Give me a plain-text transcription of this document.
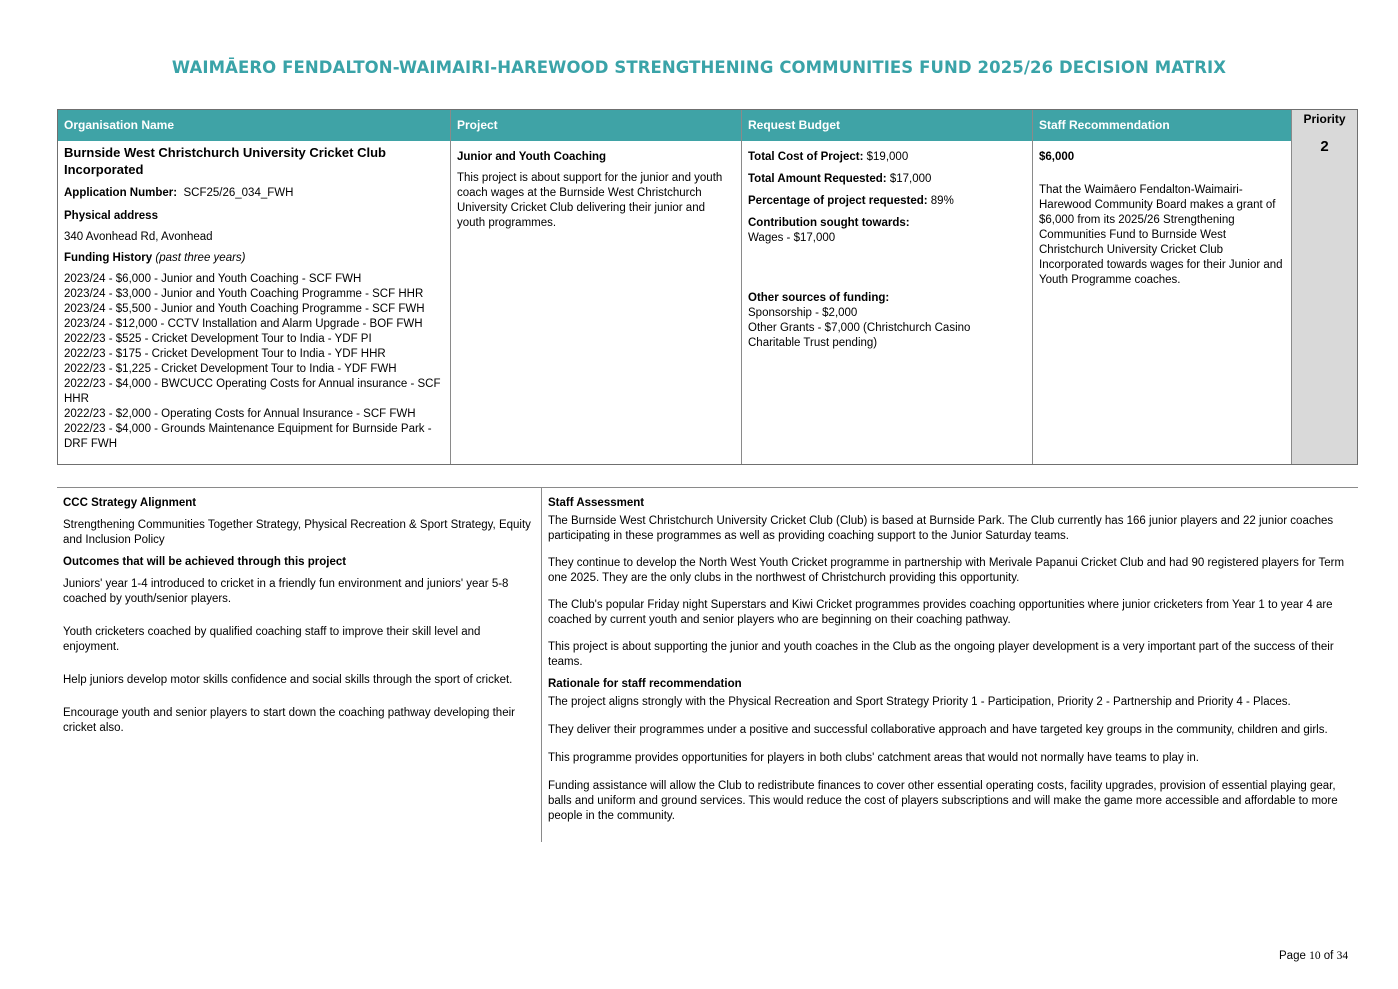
WAIMĀERO FENDALTON-WAIMAIRI-HAREWOOD STRENGTHENING COMMUNITIES FUND 2025/26 DECISION MATRIX
Organisation Name
Burnside West Christchurch University Cricket Club Incorporated
Application Number: SCF25/26_034_FWH
Physical address
340 Avonhead Rd, Avonhead
Funding History (past three years)
2023/24 - $6,000 - Junior and Youth Coaching - SCF FWH
2023/24 - $3,000 - Junior and Youth Coaching Programme - SCF HHR
2023/24 - $5,500 - Junior and Youth Coaching Programme - SCF FWH
2023/24 - $12,000 - CCTV Installation and Alarm Upgrade - BOF FWH
2022/23 - $525 - Cricket Development Tour to India - YDF PI
2022/23 - $175 - Cricket Development Tour to India - YDF HHR
2022/23 - $1,225 - Cricket Development Tour to India - YDF FWH
2022/23 - $4,000 - BWCUCC Operating Costs for Annual insurance - SCF HHR
2022/23 - $2,000 - Operating Costs for Annual Insurance - SCF FWH
2022/23 - $4,000 - Grounds Maintenance Equipment for Burnside Park - DRF FWH
Project
Junior and Youth Coaching
This project is about support for the junior and youth coach wages at the Burnside West Christchurch University Cricket Club delivering their junior and youth programmes.
Request Budget
Total Cost of Project: $19,000
Total Amount Requested: $17,000
Percentage of project requested: 89%
Contribution sought towards:
Wages - $17,000
Other sources of funding:
Sponsorship - $2,000
Other Grants - $7,000 (Christchurch Casino Charitable Trust pending)
Staff Recommendation
$6,000
That the Waimāero Fendalton-Waimairi-Harewood Community Board makes a grant of $6,000 from its 2025/26 Strengthening Communities Fund to Burnside West Christchurch University Cricket Club Incorporated towards wages for their Junior and Youth Programme coaches.
Priority
2
CCC Strategy Alignment
Strengthening Communities Together Strategy, Physical Recreation & Sport Strategy, Equity and Inclusion Policy
Outcomes that will be achieved through this project
Juniors' year 1-4 introduced to cricket in a friendly fun environment and juniors' year 5-8 coached by youth/senior players.
Youth cricketers coached by qualified coaching staff to improve their skill level and enjoyment.
Help juniors develop motor skills confidence and social skills through the sport of cricket.
Encourage youth and senior players to start down the coaching pathway developing their cricket also.
Staff Assessment
The Burnside West Christchurch University Cricket Club (Club) is based at Burnside Park. The Club currently has 166 junior players and 22 junior coaches participating in these programmes as well as providing coaching support to the Junior Saturday teams.
They continue to develop the North West Youth Cricket programme in partnership with Merivale Papanui Cricket Club and had 90 registered players for Term one 2025. They are the only clubs in the northwest of Christchurch providing this opportunity.
The Club's popular Friday night Superstars and Kiwi Cricket programmes provides coaching opportunities where junior cricketers from Year 1 to year 4 are coached by current youth and senior players who are beginning on their coaching pathway.
This project is about supporting the junior and youth coaches in the Club as the ongoing player development is a very important part of the success of their teams.
Rationale for staff recommendation
The project aligns strongly with the Physical Recreation and Sport Strategy Priority 1 - Participation, Priority 2 - Partnership and Priority 4 - Places.
They deliver their programmes under a positive and successful collaborative approach and have targeted key groups in the community, children and girls.
This programme provides opportunities for players in both clubs' catchment areas that would not normally have teams to play in.
Funding assistance will allow the Club to redistribute finances to cover other essential operating costs, facility upgrades, provision of essential playing gear, balls and uniform and ground services. This would reduce the cost of players subscriptions and will make the game more accessible and affordable to more people in the community.
Page 10 of 34
